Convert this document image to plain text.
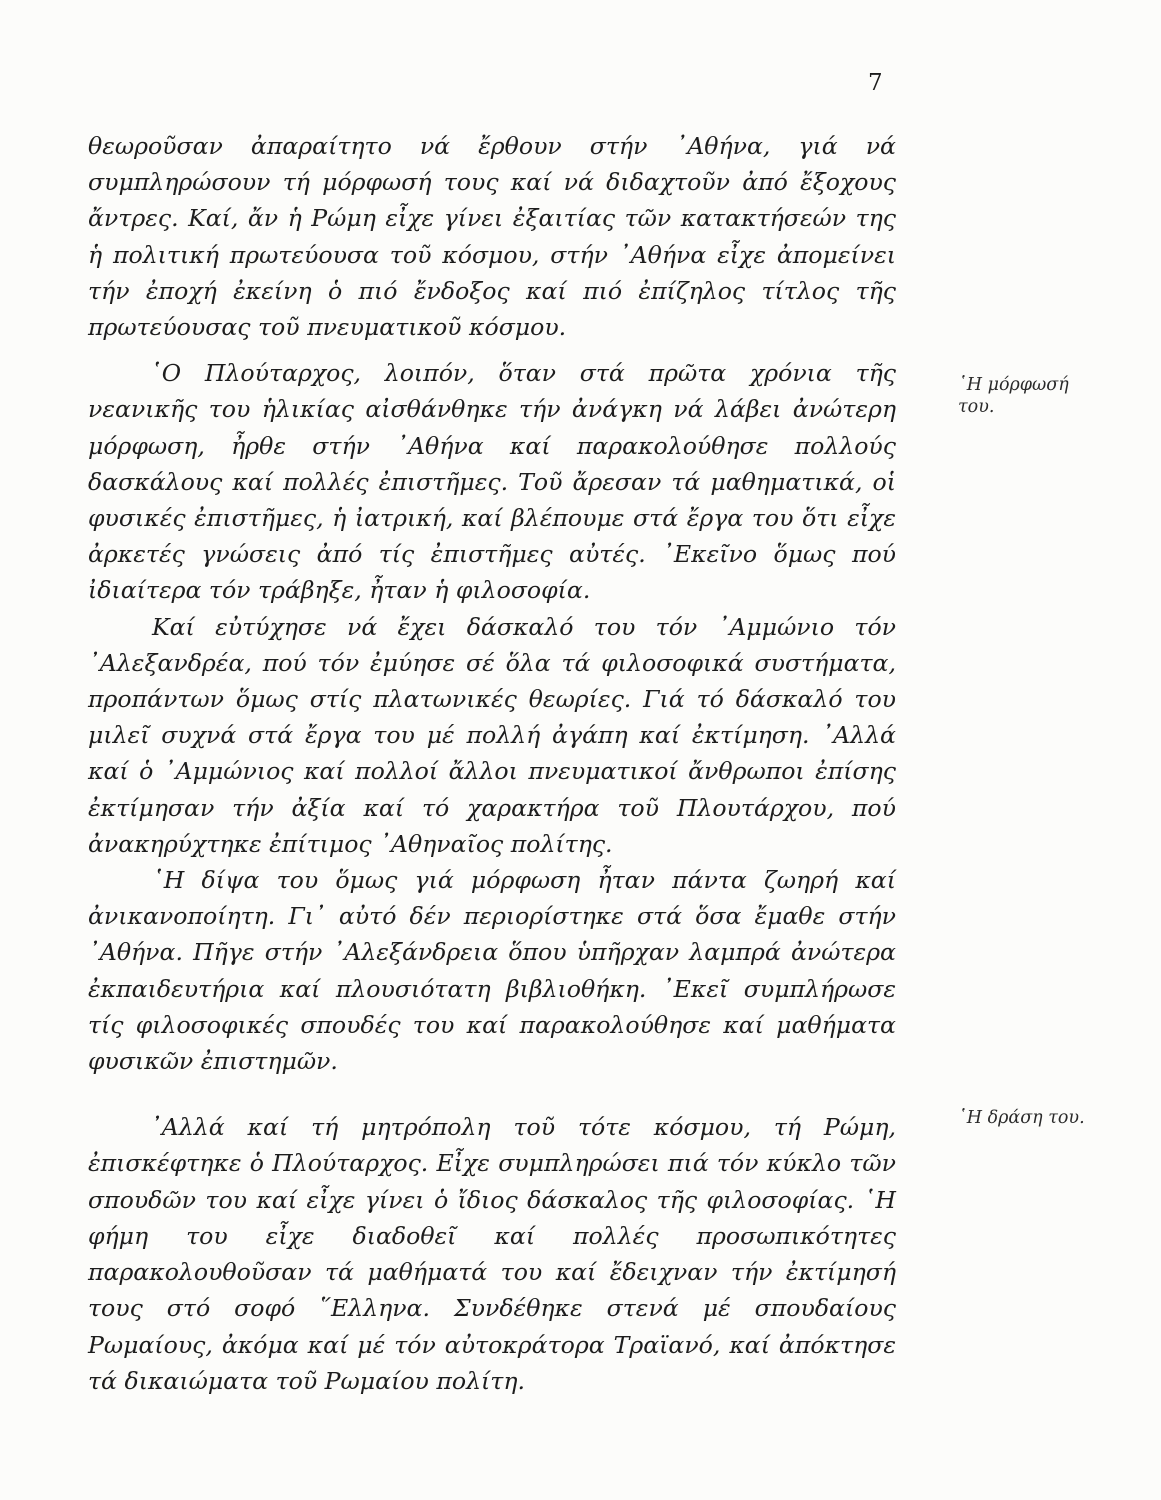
7

θεωροῦσαν ἀπαραίτητο νά ἔρθουν στήν ᾿Αθήνα, γιά νά συμπληρώσουν τή μόρφωσή τους καί νά διδαχτοῦν ἀπό ἔξοχους ἄντρες. Καί, ἄν ἡ Ρώμη εἶχε γίνει ἐξαιτίας τῶν κατακτήσεών της ἡ πολιτική πρωτεύουσα τοῦ κόσμου, στήν ᾿Αθήνα εἶχε ἀπομείνει τήν ἐποχή ἐκείνη ὁ πιό ἔνδοξος καί πιό ἐπίζηλος τίτλος τῆς πρωτεύουσας τοῦ πνευματικοῦ κόσμου.

῾Ο Πλούταρχος, λοιπόν, ὅταν στά πρῶτα χρόνια τῆς νεανικῆς του ἡλικίας αἰσθάνθηκε τήν ἀνάγκη νά λάβει ἀνώτερη μόρφωση, ἦρθε στήν ᾿Αθήνα καί παρακολούθησε πολλούς δασκάλους καί πολλές ἐπιστῆμες. Τοῦ ἄρεσαν τά μαθηματικά, οἱ φυσικές ἐπιστῆμες, ἡ ἰατρική, καί βλέπουμε στά ἔργα του ὅτι εἶχε ἀρκετές γνώσεις ἀπό τίς ἐπιστῆμες αὐτές. ᾿Εκεῖνο ὅμως πού ἰδιαίτερα τόν τράβηξε, ἦταν ἡ φιλοσοφία.

Καί εὐτύχησε νά ἔχει δάσκαλό του τόν ᾿Αμμώνιο τόν ᾿Αλεξανδρέα, πού τόν ἐμύησε σέ ὅλα τά φιλοσοφικά συστήματα, προπάντων ὅμως στίς πλατωνικές θεωρίες. Γιά τό δάσκαλό του μιλεῖ συχνά στά ἔργα του μέ πολλή ἀγάπη καί ἐκτίμηση. ᾿Αλλά καί ὁ ᾿Αμμώνιος καί πολλοί ἄλλοι πνευματικοί ἄνθρωποι ἐπίσης ἐκτίμησαν τήν ἀξία καί τό χαρακτήρα τοῦ Πλουτάρχου, πού ἀνακηρύχτηκε ἐπίτιμος ᾿Αθηναῖος πολίτης.

῾Η δίψα του ὅμως γιά μόρφωση ἦταν πάντα ζωηρή καί ἀνικανοποίητη. Γι᾿ αὐτό δέν περιορίστηκε στά ὅσα ἔμαθε στήν ᾿Αθήνα. Πῆγε στήν ᾿Αλεξάνδρεια ὅπου ὑπῆρχαν λαμπρά ἀνώτερα ἐκπαιδευτήρια καί πλουσιότατη βιβλιοθήκη. ᾿Εκεῖ συμπλήρωσε τίς φιλοσοφικές σπουδές του καί παρακολούθησε καί μαθήματα φυσικῶν ἐπιστημῶν.

᾿Αλλά καί τή μητρόπολη τοῦ τότε κόσμου, τή Ρώμη, ἐπισκέφτηκε ὁ Πλούταρχος. Εἶχε συμπληρώσει πιά τόν κύκλο τῶν σπουδῶν του καί εἶχε γίνει ὁ ἴδιος δάσκαλος τῆς φιλοσοφίας. ῾Η φήμη του εἶχε διαδοθεῖ καί πολλές προσωπικότητες παρακολουθοῦσαν τά μαθήματά του καί ἔδειχναν τήν ἐκτίμησή τους στό σοφό ῞Ελληνα. Συνδέθηκε στενά μέ σπουδαίους Ρωμαίους, ἀκόμα καί μέ τόν αὐτοκράτορα Τραϊανό, καί ἀπόκτησε τά δικαιώματα τοῦ Ρωμαίου πολίτη.

῾Η μόρφωσή του.
῾Η δράση του.
